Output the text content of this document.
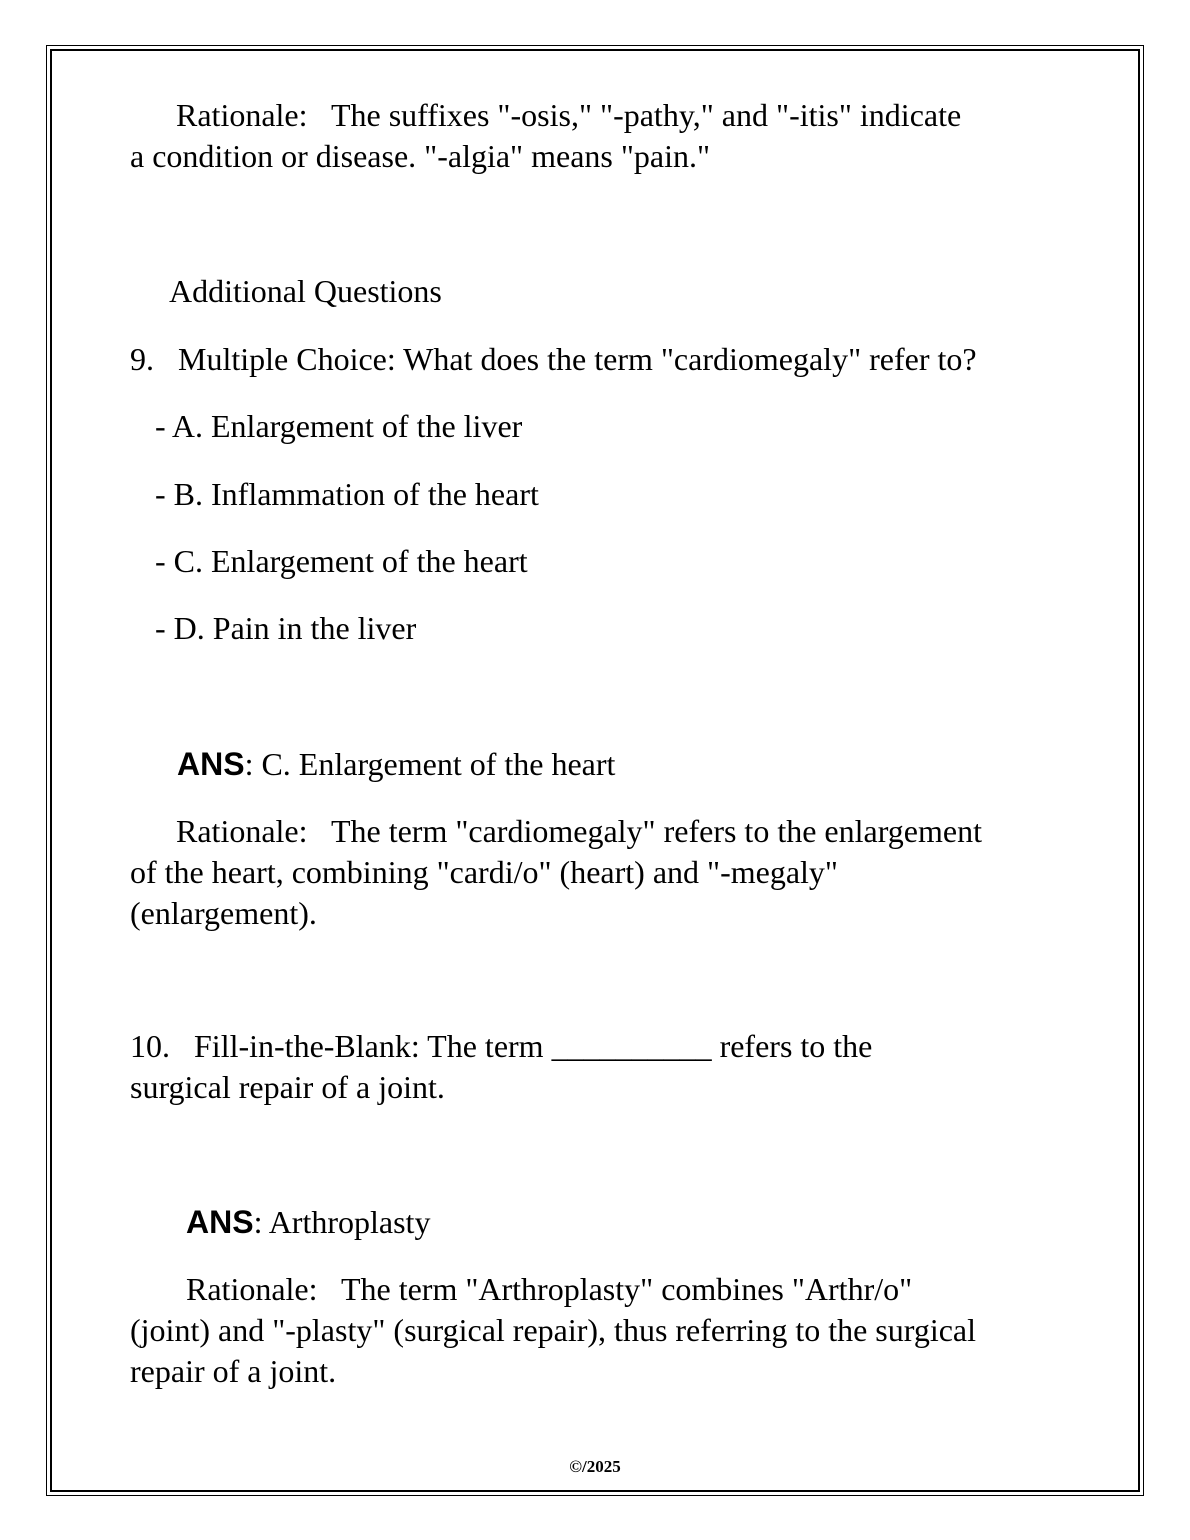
Rationale: The suffixes "-osis," "-pathy," and "-itis" indicate
a condition or disease. "-algia" means "pain."
Additional Questions
9.   Multiple Choice: What does the term "cardiomegaly" refer to?
- A. Enlargement of the liver
- B. Inflammation of the heart
- C. Enlargement of the heart
- D. Pain in the liver
ANS: C. Enlargement of the heart
Rationale: The term "cardiomegaly" refers to the enlargement
of the heart, combining "cardi/o" (heart) and "-megaly"
(enlargement).
10.   Fill-in-the-Blank: The term __________ refers to the
surgical repair of a joint.
ANS: Arthroplasty
Rationale: The term "Arthroplasty" combines "Arthr/o"
(joint) and "-plasty" (surgical repair), thus referring to the surgical
repair of a joint.
©/2025
